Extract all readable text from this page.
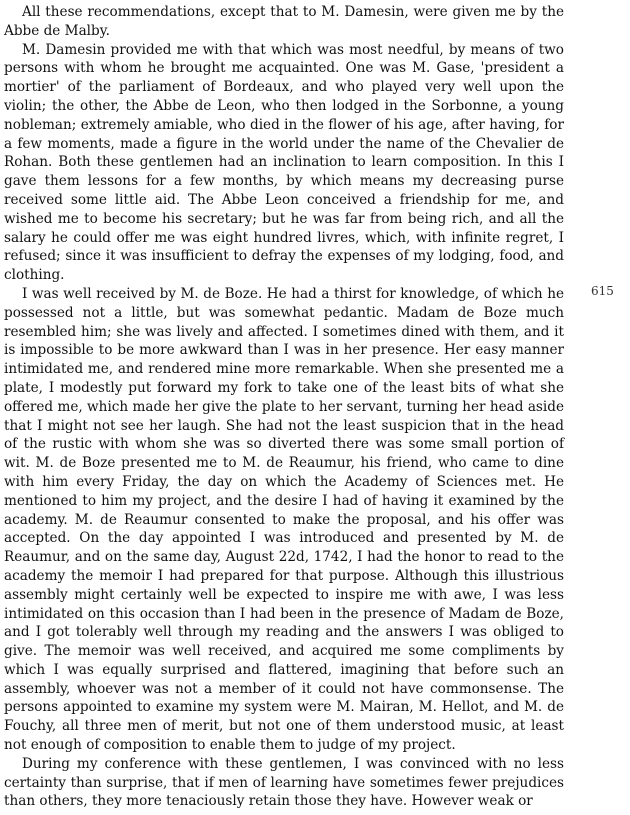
All these recommendations, except that to M. Damesin, were given me by the Abbe de Malby.

M. Damesin provided me with that which was most needful, by means of two persons with whom he brought me acquainted. One was M. Gase, 'president a mortier' of the parliament of Bordeaux, and who played very well upon the violin; the other, the Abbe de Leon, who then lodged in the Sorbonne, a young nobleman; extremely amiable, who died in the flower of his age, after having, for a few moments, made a figure in the world under the name of the Chevalier de Rohan. Both these gentlemen had an inclination to learn composition. In this I gave them lessons for a few months, by which means my decreasing purse received some little aid. The Abbe Leon conceived a friendship for me, and wished me to become his secretary; but he was far from being rich, and all the salary he could offer me was eight hundred livres, which, with infinite regret, I refused; since it was insufficient to defray the expenses of my lodging, food, and clothing.

I was well received by M. de Boze. He had a thirst for knowledge, of which he possessed not a little, but was somewhat pedantic. Madam de Boze much resembled him; she was lively and affected. I sometimes dined with them, and it is impossible to be more awkward than I was in her presence. Her easy manner intimidated me, and rendered mine more remarkable. When she presented me a plate, I modestly put forward my fork to take one of the least bits of what she offered me, which made her give the plate to her servant, turning her head aside that I might not see her laugh. She had not the least suspicion that in the head of the rustic with whom she was so diverted there was some small portion of wit. M. de Boze presented me to M. de Reaumur, his friend, who came to dine with him every Friday, the day on which the Academy of Sciences met. He mentioned to him my project, and the desire I had of having it examined by the academy. M. de Reaumur consented to make the proposal, and his offer was accepted. On the day appointed I was introduced and presented by M. de Reaumur, and on the same day, August 22d, 1742, I had the honor to read to the academy the memoir I had prepared for that purpose. Although this illustrious assembly might certainly well be expected to inspire me with awe, I was less intimidated on this occasion than I had been in the presence of Madam de Boze, and I got tolerably well through my reading and the answers I was obliged to give. The memoir was well received, and acquired me some compliments by which I was equally surprised and flattered, imagining that before such an assembly, whoever was not a member of it could not have commonsense. The persons appointed to examine my system were M. Mairan, M. Hellot, and M. de Fouchy, all three men of merit, but not one of them understood music, at least not enough of composition to enable them to judge of my project.

During my conference with these gentlemen, I was convinced with no less certainty than surprise, that if men of learning have sometimes fewer prejudices than others, they more tenaciously retain those they have. However weak or

615
